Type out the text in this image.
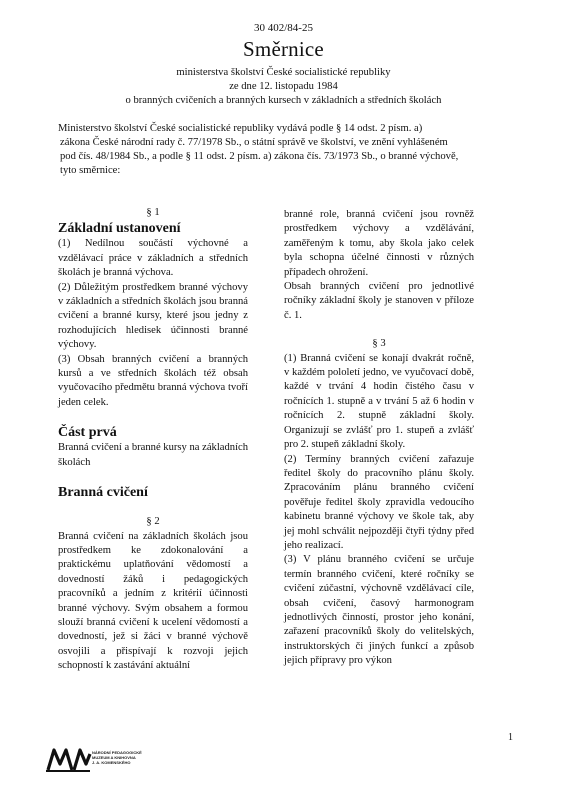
30 402/84-25
Směrnice
ministerstva školství České socialistické republiky
ze dne 12. listopadu 1984
o branných cvičeních a branných kursech v základních a středních školách
Ministerstvo školství České socialistické republiky vydává podle § 14 odst. 2 písm. a)
zákona České národní rady č. 77/1978 Sb., o státní správě ve školství, ve znění vyhlášeném
pod čís. 48/1984 Sb., a podle § 11 odst. 2 písm. a) zákona čís. 73/1973 Sb., o branné výchově,
tyto směrnice:

§ 1

Základní ustanovení

(1) Nedílnou součástí výchovné a vzdělávací práce v základních a středních školách je branná výchova.

(2) Důležitým prostředkem branné výchovy v základních a středních školách jsou branná cvičení a branné kursy, které jsou jedny z rozhodujících hledisek účinnosti branné výchovy.

(3) Obsah branných cvičení a branných kursů a ve středních školách též obsah vyučovacího předmětu branná výchova tvoří jeden celek.

Část prvá

Branná cvičení a branné kursy na základních školách

Branná cvičení

§ 2

Branná cvičení na základních školách jsou prostředkem ke zdokonalování a praktickému uplatňování vědomostí a dovedností žáků i pedagogických pracovníků a jedním z kritérií účinnosti branné výchovy. Svým obsahem a formou slouží branná cvičení k ucelení vědomostí a dovedností, jež si žáci v branné výchově osvojili a přispívají k rozvoji jejich schopností k zastávání aktuální

branné role, branná cvičení jsou rovněž prostředkem výchovy a vzdělávání, zaměřeným k tomu, aby škola jako celek byla schopna účelné činnosti v různých případech ohrožení.

Obsah branných cvičení pro jednotlivé ročníky základní školy je stanoven v příloze č. 1.

§ 3

(1) Branná cvičení se konají dvakrát ročně, v každém pololetí jedno, ve vyučovací době, každé v trvání 4 hodin čistého času v ročnících 1. stupně a v trvání 5 až 6 hodin v ročnících 2. stupně základní školy. Organizují se zvlášť pro 1. stupeň a zvlášť pro 2. stupeň základní školy.

(2) Termíny branných cvičení zařazuje ředitel školy do pracovního plánu školy. Zpracováním plánu branného cvičení pověřuje ředitel školy zpravidla vedoucího kabinetu branné výchovy ve škole tak, aby jej mohl schválit nejpozději čtyři týdny před jeho realizací.

(3) V plánu branného cvičení se určuje termín branného cvičení, které ročníky se cvičení zúčastní, výchovně vzdělávací cíle, obsah cvičení, časový harmonogram jednotlivých činností, prostor jeho konání, zařazení pracovníků školy do velitelských, instruktorských či jiných funkcí a způsob jejich přípravy pro výkon

1
NÁRODNÍ PEDAGOGICKÉ
MUZEUM A KNIHOVNA
J. A. KOMENSKÉHO
